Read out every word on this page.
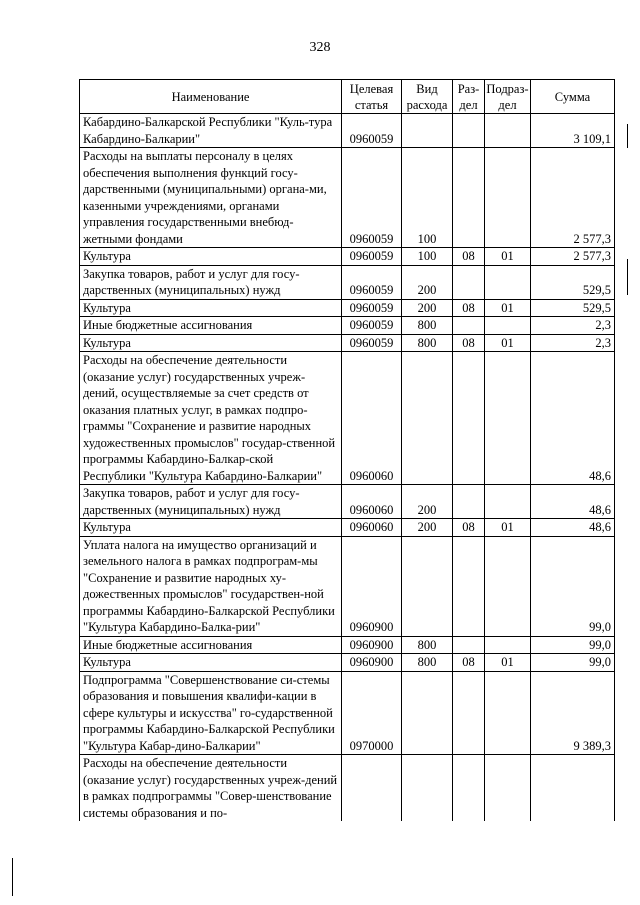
328
Наименование	Целевая статья	Вид расхода	Раз-дел	Подраз-дел	Сумма
Кабардино-Балкарской Республики "Куль-тура Кабардино-Балкарии"	0960059				3 109,1
Расходы на выплаты персоналу в целях обеспечения выполнения функций госу-дарственными (муниципальными) органа-ми, казенными учреждениями, органами управления государственными внебюд-жетными фондами	0960059	100			2 577,3
Культура	0960059	100	08	01	2 577,3
Закупка товаров, работ и услуг для госу-дарственных (муниципальных) нужд	0960059	200			529,5
Культура	0960059	200	08	01	529,5
Иные бюджетные ассигнования	0960059	800			2,3
Культура	0960059	800	08	01	2,3
Расходы на обеспечение деятельности (оказание услуг) государственных учреж-дений, осуществляемые за счет средств от оказания платных услуг, в рамках подпро-граммы "Сохранение и развитие народных художественных промыслов" государ-ственной программы Кабардино-Балкар-ской Республики "Культура Кабардино-Балкарии"	0960060				48,6
Закупка товаров, работ и услуг для госу-дарственных (муниципальных) нужд	0960060	200			48,6
Культура	0960060	200	08	01	48,6
Уплата налога на имущество организаций и земельного налога в рамках подпрограм-мы "Сохранение и развитие народных ху-дожественных промыслов" государствен-ной программы Кабардино-Балкарской Республики "Культура Кабардино-Балка-рии"	0960900				99,0
Иные бюджетные ассигнования	0960900	800			99,0
Культура	0960900	800	08	01	99,0
Подпрограмма "Совершенствование си-стемы образования и повышения квалифи-кации в сфере культуры и искусства" го-сударственной программы Кабардино-Балкарской Республики "Культура Кабар-дино-Балкарии"	0970000				9 389,3
Расходы на обеспечение деятельности (оказание услуг) государственных учреж-дений в рамках подпрограммы "Совер-шенствование системы образования и по-					
